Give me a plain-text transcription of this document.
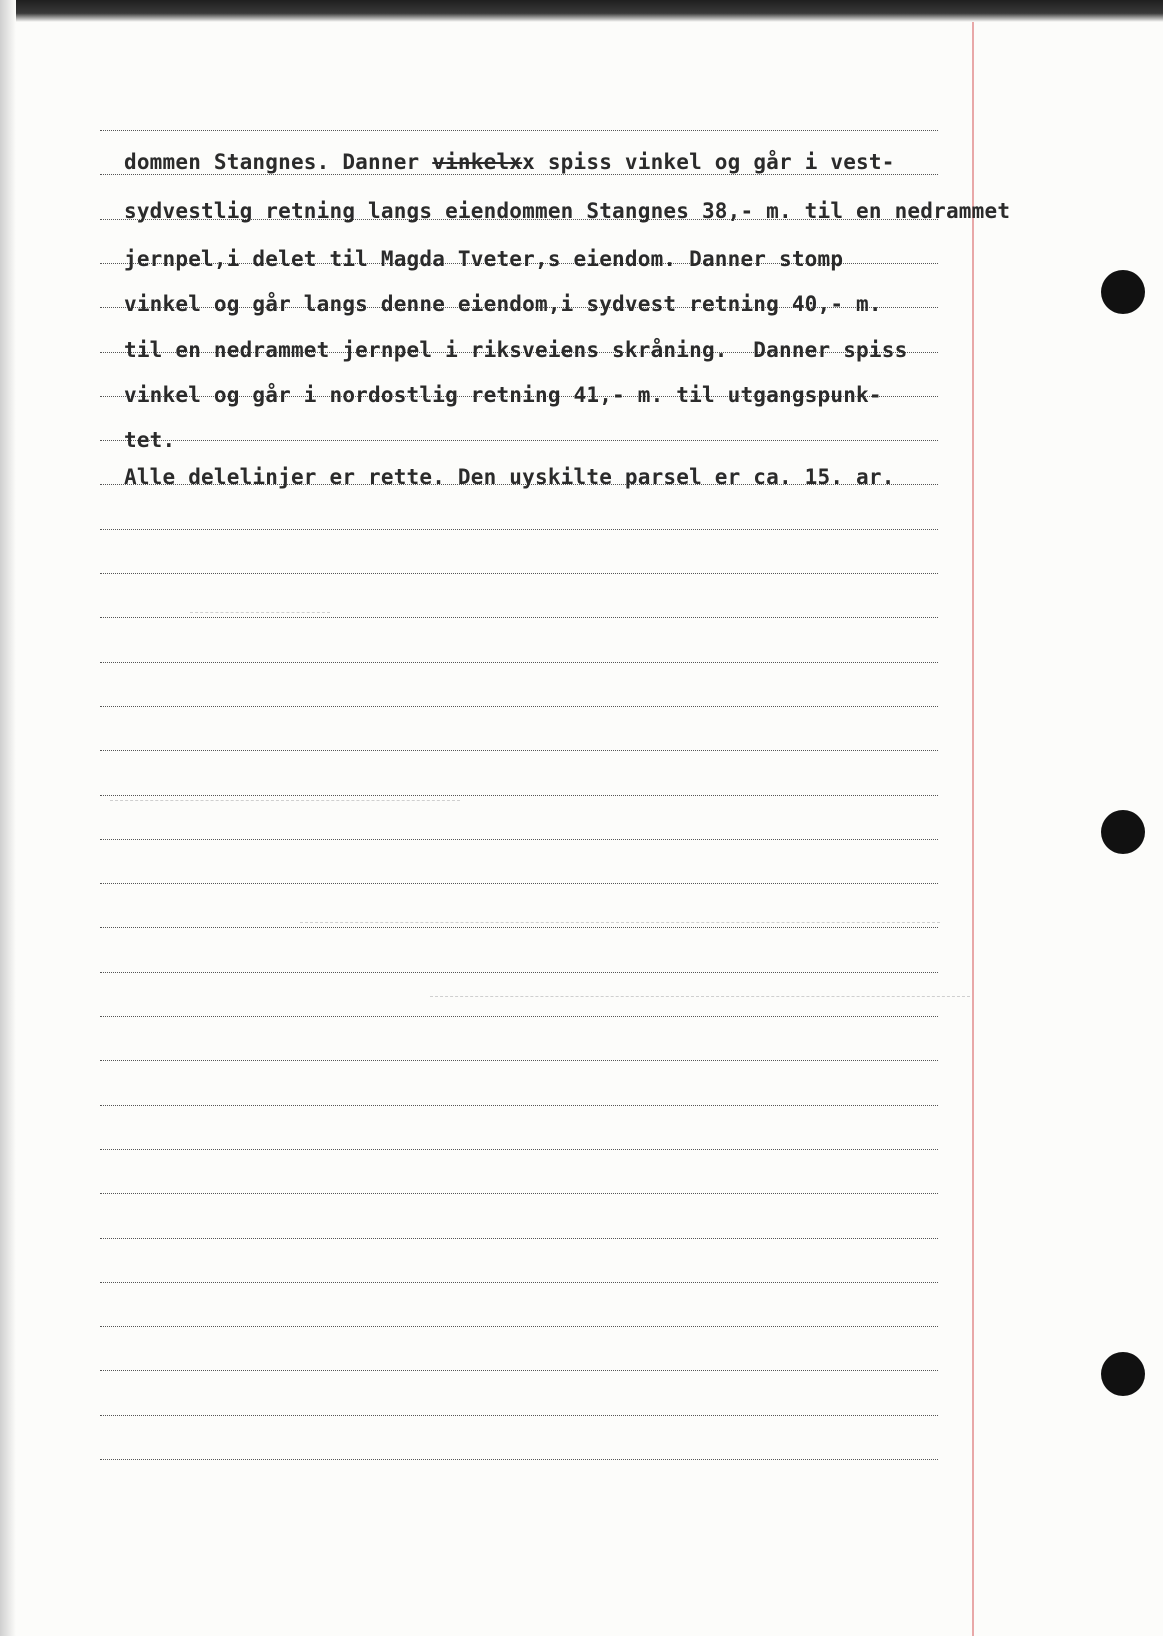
dommen Stangnes. Danner vinkelxx spiss vinkel og går i vest-
sydvestlig retning langs eiendommen Stangnes 38,- m. til en nedrammet
jernpel,i delet til Magda Tveter,s eiendom. Danner stomp
vinkel og går langs denne eiendom,i sydvest retning 40,- m.
til en nedrammet jernpel i riksveiens skråning.  Danner spiss
vinkel og går i nordostlig retning 41,- m. til utgangspunk-
tet.
Alle delelinjer er rette. Den uyskilte parsel er ca. 15. ar.
